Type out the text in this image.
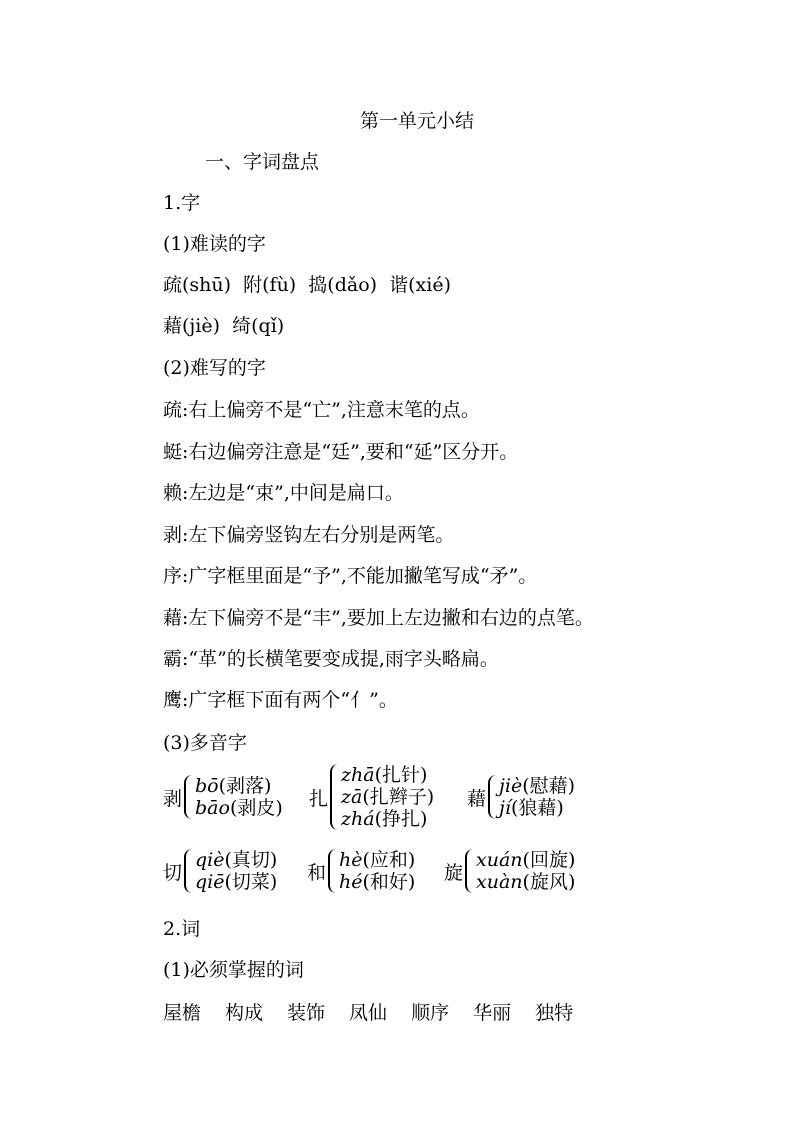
第一单元小结
一、字词盘点
1.字
(1)难读的字
疏(shū)  附(fù)  捣(dǎo)  谐(xié)
藉(jiè)  绮(qǐ)
(2)难写的字
疏:右上偏旁不是“亡”,注意末笔的点。
蜓:右边偏旁注意是“廷”,要和“延”区分开。
赖:左边是“束”,中间是扁口。
剥:左下偏旁竖钩左右分别是两笔。
序:广字框里面是“予”,不能加撇笔写成“矛”。
藉:左下偏旁不是“丰”,要加上左边撇和右边的点笔。
霸:“革”的长横笔要变成提,雨字头略扁。
鹰:广字框下面有两个“亻”。
(3)多音字
剥
bō(剥落)
bāo(剥皮) 扎
zhā(扎针)
zā(扎辫子)
zhá(挣扎)
藉
jiè(慰藉)
jí(狼藉)
切
qiè(真切)
qiē(切菜) 和
hè(应和)
hé(和好) 旋
xuán(回旋)
xuàn(旋风)
2.词
(1)必须掌握的词
屋檐 构成 装饰 凤仙 顺序 华丽 独特
